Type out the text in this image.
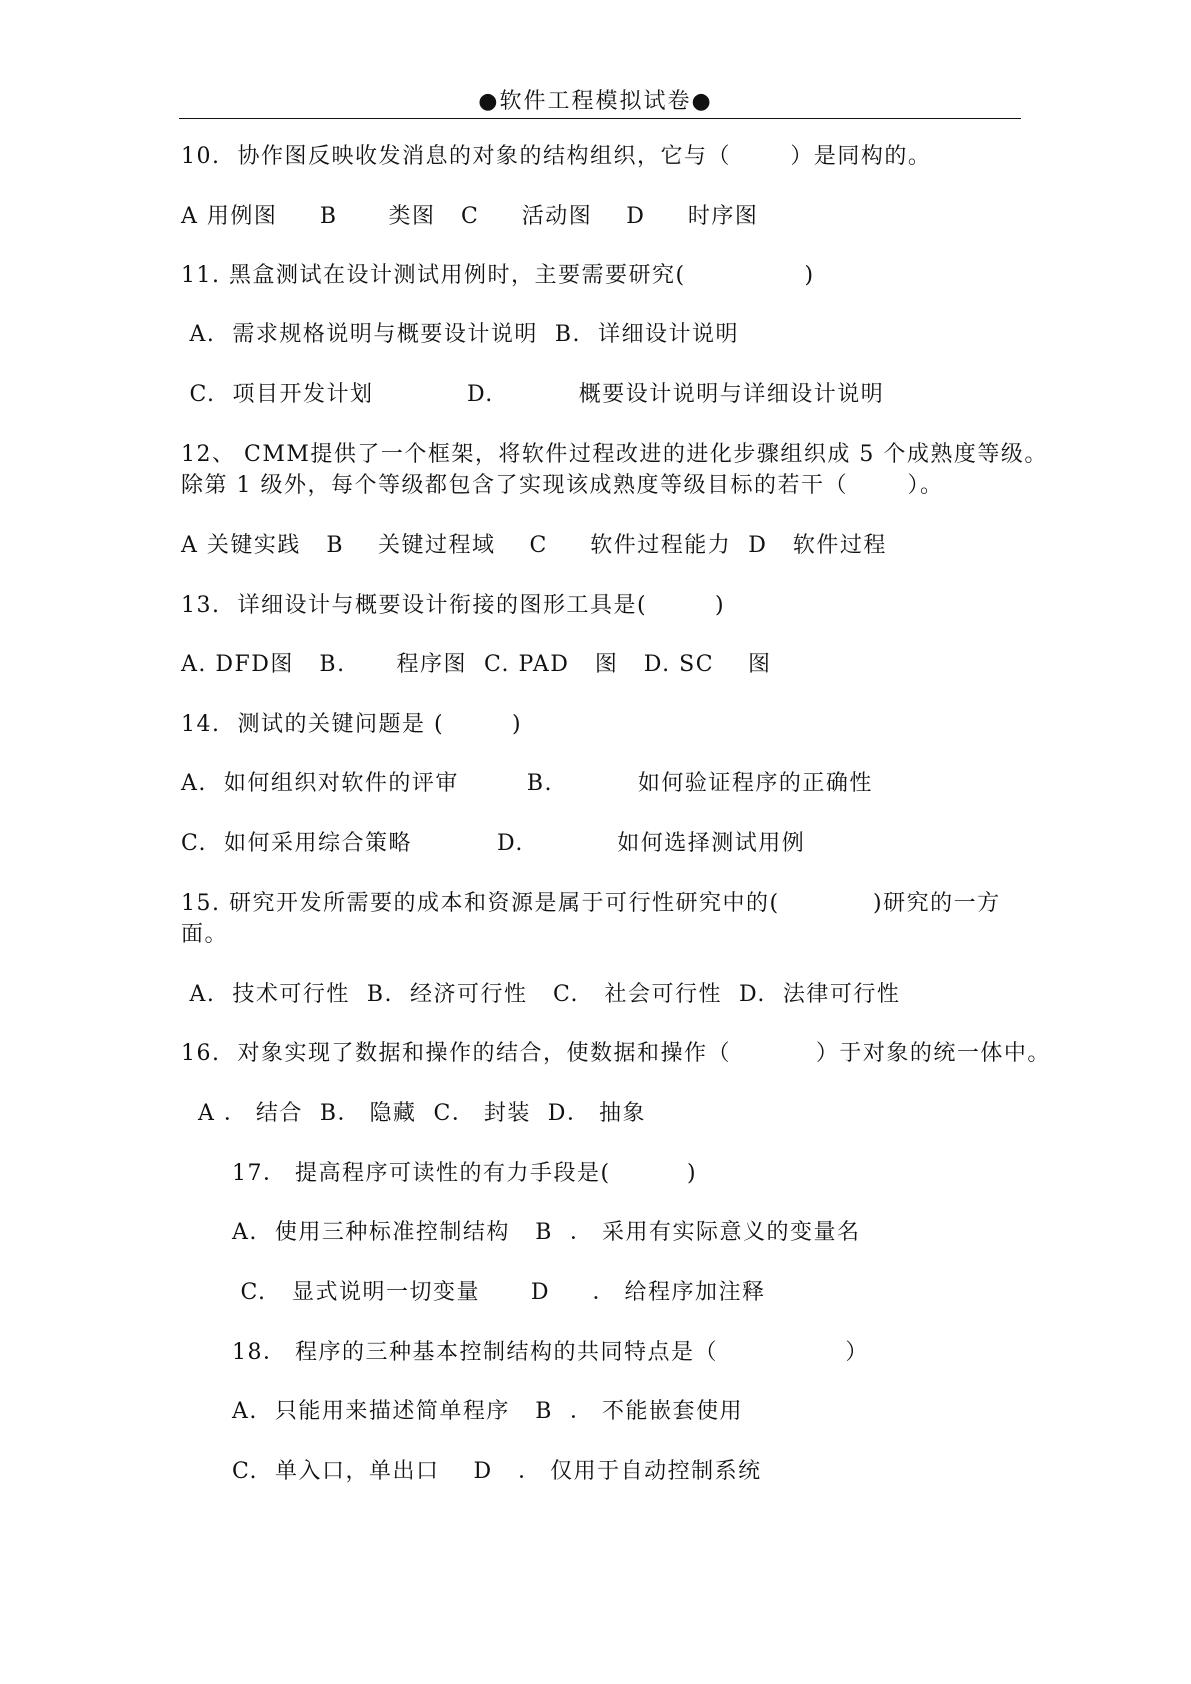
●软件工程模拟试卷●
10.  协作图反映收发消息的对象的结构组织，它与（       ）是同构的。
A 用例图     B      类图   C     活动图    D     时序图
11. 黑盒测试在设计测试用例时，主要需要研究(              )
A.  需求规格说明与概要设计说明  B.  详细设计说明
C.  项目开发计划           D.          概要设计说明与详细设计说明
12、 CMM提供了一个框架，将软件过程改进的进化步骤组织成 5 个成熟度等级。
除第 1 级外，每个等级都包含了实现该成熟度等级目标的若干（       ）。
A 关键实践   B    关键过程域    C     软件过程能力  D   软件过程
13.  详细设计与概要设计衔接的图形工具是(        )
A. DFD图   B.      程序图  C. PAD   图   D. SC    图
14.  测试的关键问题是 (        )
A.  如何组织对软件的评审        B.          如何验证程序的正确性
C.  如何采用综合策略          D.           如何选择测试用例
15. 研究开发所需要的成本和资源是属于可行性研究中的(           )研究的一方
面。
A.  技术可行性  B.  经济可行性   C.   社会可行性  D.  法律可行性
16.  对象实现了数据和操作的结合，使数据和操作（          ）于对象的统一体中。
A ． 结合  B． 隐藏  C． 封装  D． 抽象
17． 提高程序可读性的有力手段是(         )
A.  使用三种标准控制结构   B  ． 采用有实际意义的变量名
C.   显式说明一切变量      D     ． 给程序加注释
18． 程序的三种基本控制结构的共同特点是（               ）
A.  只能用来描述简单程序   B  ． 不能嵌套使用
C.  单入口，单出口    D   ． 仅用于自动控制系统
